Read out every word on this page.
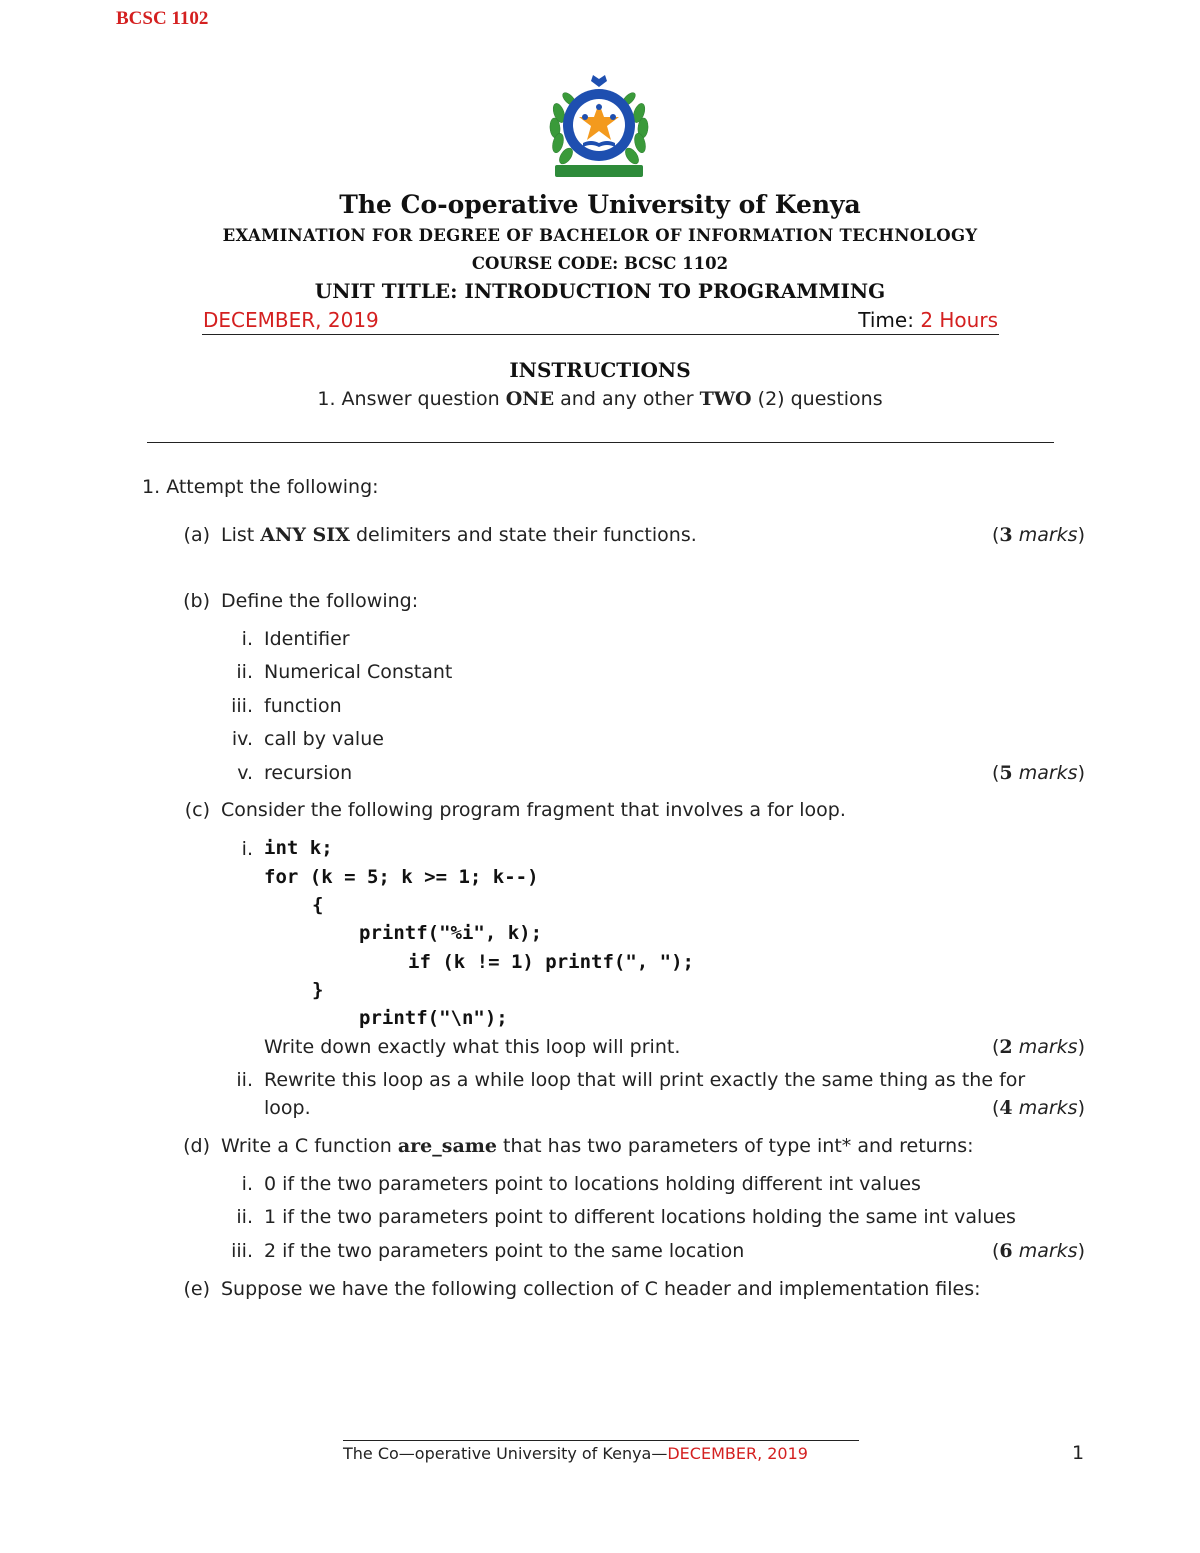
BCSC 1102
The Co-operative University of Kenya
EXAMINATION FOR DEGREE OF BACHELOR OF INFORMATION TECHNOLOGY
COURSE CODE: BCSC 1102
UNIT TITLE: INTRODUCTION TO PROGRAMMING
DECEMBER, 2019	Time: 2 Hours
INSTRUCTIONS
1. Answer question ONE and any other TWO (2) questions
1. Attempt the following:
(a) List ANY SIX delimiters and state their functions.	(3 marks)
(b) Define the following:
i. Identifier
ii. Numerical Constant
iii. function
iv. call by value
v. recursion	(5 marks)
(c) Consider the following program fragment that involves a for loop.
i. int k;
for (k = 5; k >= 1; k--)
{
printf("%i", k);
if (k != 1) printf(", ");
}
printf("\n");
Write down exactly what this loop will print.	(2 marks)
ii. Rewrite this loop as a while loop that will print exactly the same thing as the for
loop.	(4 marks)
(d) Write a C function are_same that has two parameters of type int* and returns:
i. 0 if the two parameters point to locations holding different int values
ii. 1 if the two parameters point to different locations holding the same int values
iii. 2 if the two parameters point to the same location	(6 marks)
(e) Suppose we have the following collection of C header and implementation files:
The Co—operative University of Kenya—DECEMBER, 2019	1
